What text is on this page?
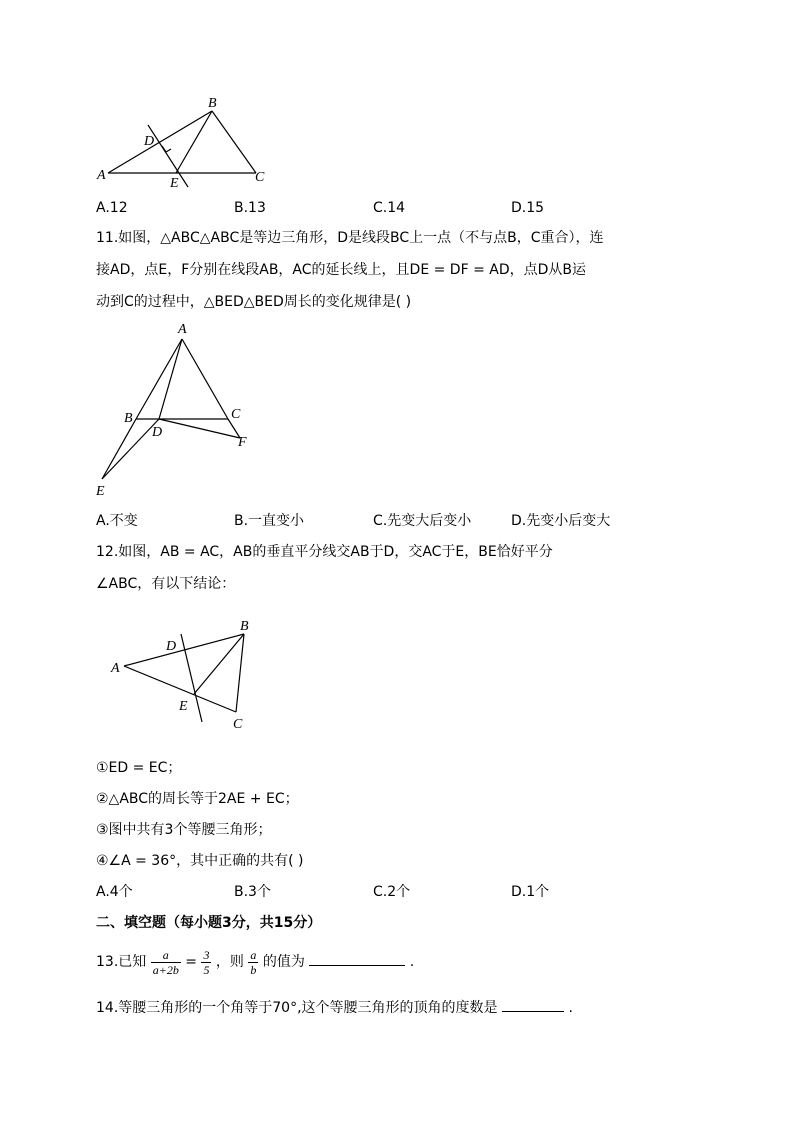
A
B
C
D
E
A.12	B.13	C.14	D.15
11.如图，△ABC△ABC是等边三角形，D是线段BC上一点（不与点B，C重合），连
接AD，点E，F分别在线段AB，AC的延长线上，且DE = DF = AD，点D从B运
动到C的过程中，△BED△BED周长的变化规律是( )
A
B	C
D
E
F
A.不变	B.一直变小	C.先变大后变小	D.先变小后变大
12.如图，AB = AC，AB的垂直平分线交AB于D，交AC于E，BE恰好平分
∠ABC，有以下结论：
A
B
C
D
E
①ED = EC；
②△ABC的周长等于2AE + EC；
③图中共有3个等腰三角形；
④∠A = 36°，其中正确的共有( )
A.4个	B.3个	C.2个	D.1个
二、填空题（每小题3分，共15分）
13.已知 $\frac{a}{a+2b} = \frac{3}{5}$ ，则 $\frac{a}{b}$ 的值为	.
14.等腰三角形的一个角等于70°,这个等腰三角形的顶角的度数是	.
